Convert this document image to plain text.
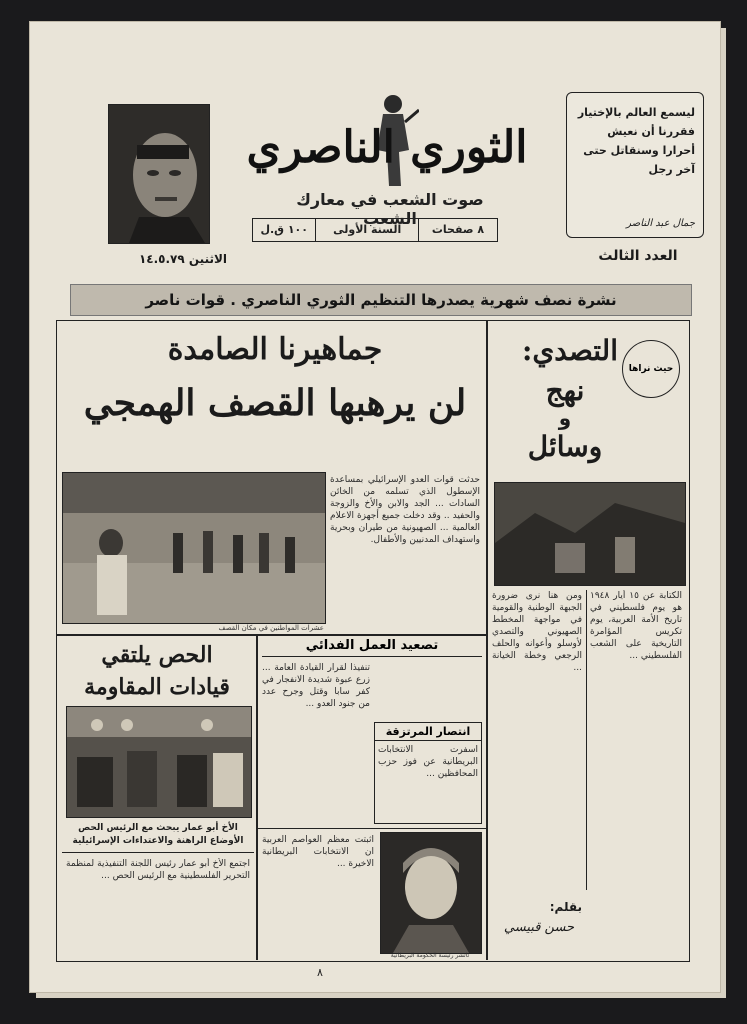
الثوري الناصري
صوت الشعب في معارك الشعب
٨ صفحات
السنة الأولى
١٠٠ ق.ل
الاثنين ١٤.٥.٧٩	العدد الثالث
ليسمع العالم بالإختيار فقررنا أن نعيش أحرارا وسنقاتل حتى آخر رجل
جمال عبد الناصر
نشرة نصف شهرية يصدرها التنظيم الثوري الناصري . قوات ناصر
جماهيرنا الصامدة
لن يرهبها القصف الهمجي
عشرات المواطنين في مكان القصف
حدثت قوات العدو الإسرائيلي بمساعدة الإسطول الذي تسلمه من الخائن السادات ... الجد والابن والأخ والزوجة والحفيد .. وقد دخلت جميع أجهزة الاعلام العالمية ... الصهيونية من طيران وبحرية واستهداف المدنيين والأطفال.
حيث نراها
التصدي:
نهج
و
وسائل
ومن هنا نرى ضرورة الجبهة الوطنية والقومية في مواجهة المخطط الصهيوني والتصدي لأوسلو وأعوانه والحلف الرجعي وخطة الخيانة ...
الكتابة عن ١٥ أيار ١٩٤٨ هو يوم فلسطيني في تاريخ الأمة العربية، يوم تكريس المؤامرة التاريخية على الشعب الفلسطيني ...
بقلم:
حسن قبيسي
الحص يلتقي
قيادات المقاومة
الأخ أبو عمار يبحث مع الرئيس الحص الأوضاع الراهنة والاعتداءات الإسرائيلية
اجتمع الأخ أبو عمار رئيس اللجنة التنفيذية لمنظمة التحرير الفلسطينية مع الرئيس الحص ...
تصعيد العمل الفدائي
تنفيذا لقرار القيادة العامة ... زرع عبوة شديدة الانفجار في كفر سابا وقتل وجرح عدد من جنود العدو ...
انتصار المرتزقة
اسفرت الانتخابات البريطانية عن فوز حزب المحافظين ...
اثبتت معظم العواصم العربية ان الانتخابات البريطانية الاخيرة ...
تاتشر رئيسة الحكومة البريطانية
٨
